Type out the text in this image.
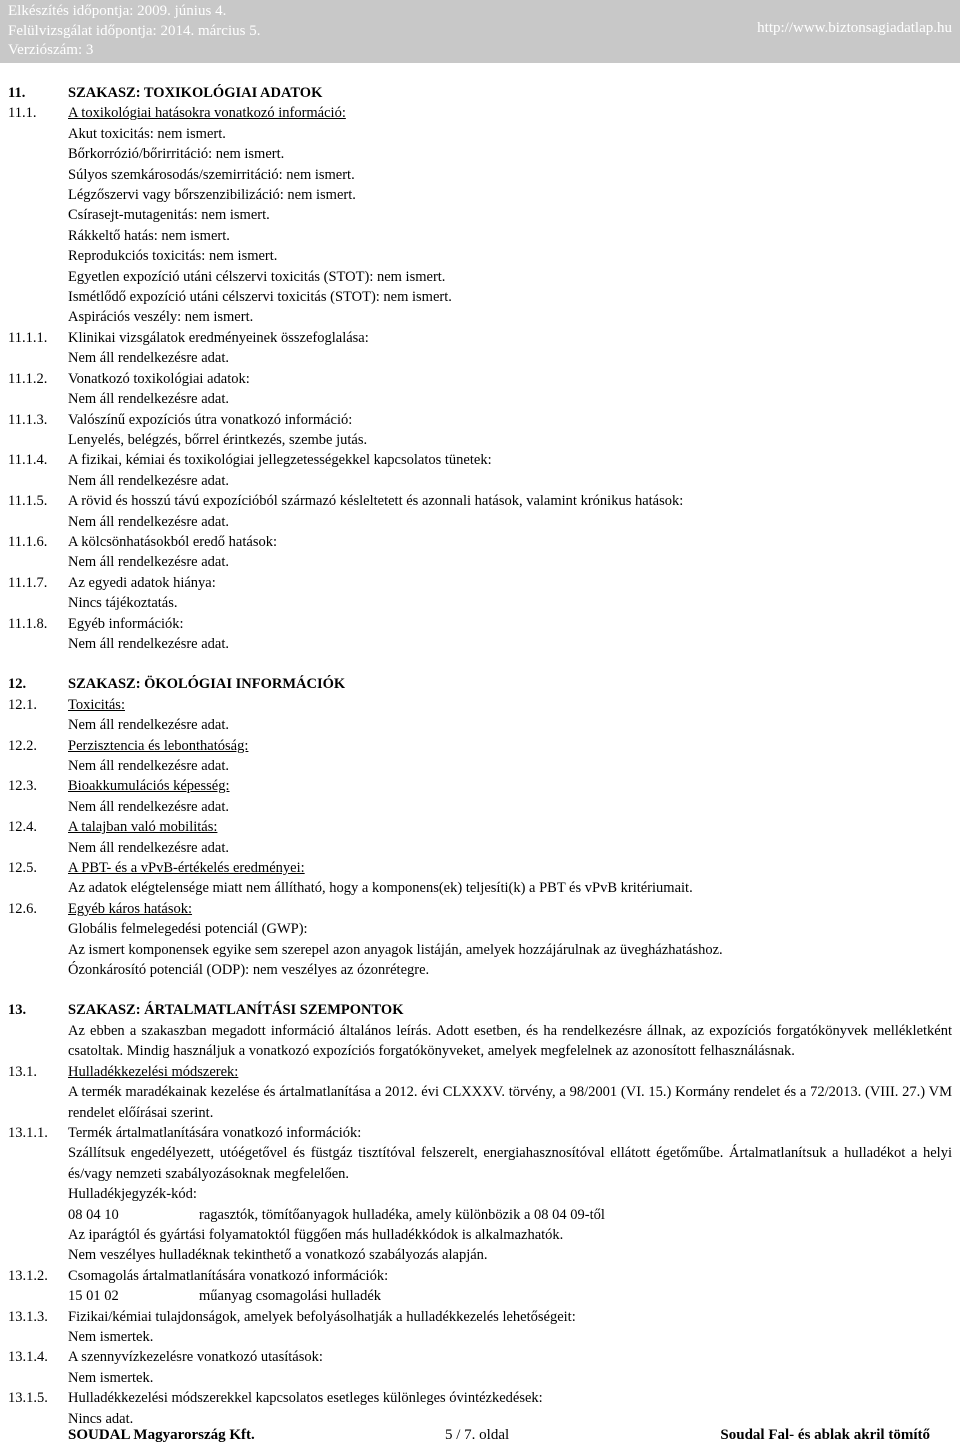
Elkészítés időpontja: 2009. június 4.
Felülvizsgálat időpontja: 2014. március 5.
Verziószám: 3
http://www.biztonsagiadatlap.hu
11.	SZAKASZ: TOXIKOLÓGIAI ADATOK
11.1.	A toxikológiai hatásokra vonatkozó információ:
Akut toxicitás: nem ismert.
Bőrkorrózió/bőrirritáció: nem ismert.
Súlyos szemkárosodás/szemirritáció: nem ismert.
Légzőszervi vagy bőrszenzibilizáció: nem ismert.
Csírasejt-mutagenitás: nem ismert.
Rákkeltő hatás: nem ismert.
Reprodukciós toxicitás: nem ismert.
Egyetlen expozíció utáni célszervi toxicitás (STOT): nem ismert.
Ismétlődő expozíció utáni célszervi toxicitás (STOT): nem ismert.
Aspirációs veszély: nem ismert.
11.1.1.	Klinikai vizsgálatok eredményeinek összefoglalása:
Nem áll rendelkezésre adat.
11.1.2.	Vonatkozó toxikológiai adatok:
Nem áll rendelkezésre adat.
11.1.3.	Valószínű expozíciós útra vonatkozó információ:
Lenyelés, belégzés, bőrrel érintkezés, szembe jutás.
11.1.4.	A fizikai, kémiai és toxikológiai jellegzetességekkel kapcsolatos tünetek:
Nem áll rendelkezésre adat.
11.1.5.	A rövid és hosszú távú expozícióból származó késleltetett és azonnali hatások, valamint krónikus hatások:
Nem áll rendelkezésre adat.
11.1.6.	A kölcsönhatásokból eredő hatások:
Nem áll rendelkezésre adat.
11.1.7.	Az egyedi adatok hiánya:
Nincs tájékoztatás.
11.1.8.	Egyéb információk:
Nem áll rendelkezésre adat.
12.	SZAKASZ: ÖKOLÓGIAI INFORMÁCIÓK
12.1.	Toxicitás:
Nem áll rendelkezésre adat.
12.2.	Perzisztencia és lebonthatóság:
Nem áll rendelkezésre adat.
12.3.	Bioakkumulációs képesség:
Nem áll rendelkezésre adat.
12.4.	A talajban való mobilitás:
Nem áll rendelkezésre adat.
12.5.	A PBT- és a vPvB-értékelés eredményei:
Az adatok elégtelensége miatt nem állítható, hogy a komponens(ek) teljesíti(k) a PBT és vPvB kritériumait.
12.6.	Egyéb káros hatások:
Globális felmelegedési potenciál (GWP):
Az ismert komponensek egyike sem szerepel azon anyagok listáján, amelyek hozzájárulnak az üvegházhatáshoz.
Ózonkárosító potenciál (ODP): nem veszélyes az ózonrétegre.
13.	SZAKASZ: ÁRTALMATLANÍTÁSI SZEMPONTOK
Az ebben a szakaszban megadott információ általános leírás. Adott esetben, és ha rendelkezésre állnak, az expozíciós forgatókönyvek mellékletként csatoltak. Mindig használjuk a vonatkozó expozíciós forgatókönyveket, amelyek megfelelnek az azonosított felhasználásnak.
13.1.	Hulladékkezelési módszerek:
A termék maradékainak kezelése és ártalmatlanítása a 2012. évi CLXXXV. törvény, a 98/2001 (VI. 15.) Kormány rendelet és a 72/2013. (VIII. 27.) VM rendelet előírásai szerint.
13.1.1.	Termék ártalmatlanítására vonatkozó információk:
Szállítsuk engedélyezett, utóégetővel és füstgáz tisztítóval felszerelt, energiahasznosítóval ellátott égetőműbe. Ártalmatlanítsuk a hulladékot a helyi és/vagy nemzeti szabályozásoknak megfelelően.
Hulladékjegyzék-kód:
08 04 10	ragasztók, tömítőanyagok hulladéka, amely különbözik a 08 04 09-től
Az iparágtól és gyártási folyamatoktól függően más hulladékkódok is alkalmazhatók.
Nem veszélyes hulladéknak tekinthető a vonatkozó szabályozás alapján.
13.1.2.	Csomagolás ártalmatlanítására vonatkozó információk:
15 01 02	műanyag csomagolási hulladék
13.1.3.	Fizikai/kémiai tulajdonságok, amelyek befolyásolhatják a hulladékkezelés lehetőségeit:
Nem ismertek.
13.1.4.	A szennyvízkezelésre vonatkozó utasítások:
Nem ismertek.
13.1.5.	Hulladékkezelési módszerekkel kapcsolatos esetleges különleges óvintézkedések:
Nincs adat.
SOUDAL Magyarország Kft.	5 / 7. oldal	Soudal Fal- és ablak akril tömítő
